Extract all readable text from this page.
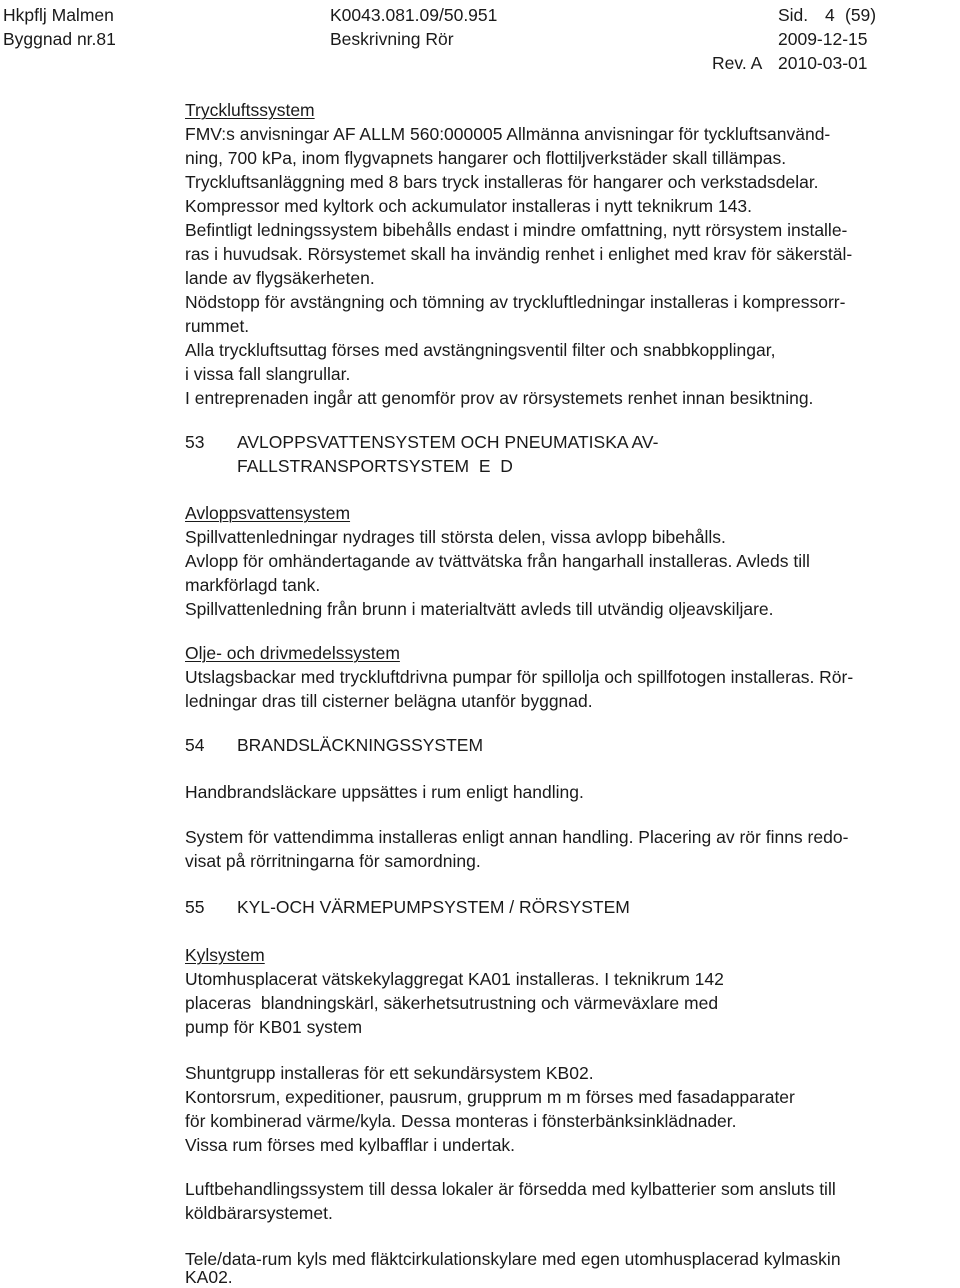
Hkpflj Malmen	K0043.081.09/50.951	Sid. 4 (59)
Byggnad nr.81	Beskrivning Rör	2009-12-15
Rev. A 2010-03-01
Tryckluftssystem
FMV:s anvisningar AF ALLM 560:000005 Allmänna anvisningar för tyckluftsanvänd-
ning, 700 kPa, inom flygvapnets hangarer och flottiljverkstäder skall tillämpas.
Tryckluftsanläggning med 8 bars tryck installeras för hangarer och verkstadsdelar.
Kompressor med kyltork och ackumulator installeras i nytt teknikrum 143.
Befintligt ledningssystem bibehålls endast i mindre omfattning, nytt rörsystem installe-
ras i huvudsak. Rörsystemet skall ha invändig renhet i enlighet med krav för säkerstäl-
lande av flygsäkerheten.
Nödstopp för avstängning och tömning av tryckluftledningar installeras i kompressorr-
rummet.
Alla tryckluftsuttag förses med avstängningsventil filter och snabbkopplingar,
i vissa fall slangrullar.
I entreprenaden ingår att genomför prov av rörsystemets renhet innan besiktning.
53 AVLOPPSVATTENSYSTEM OCH PNEUMATISKA AV-
FALLSTRANSPORTSYSTEM  E  D
Avloppsvattensystem
Spillvattenledningar nydrages till största delen, vissa avlopp bibehålls.
Avlopp för omhändertagande av tvättvätska från hangarhall installeras. Avleds till
markförlagd tank.
Spillvattenledning från brunn i materialtvätt avleds till utvändig oljeavskiljare.
Olje- och drivmedelssystem
Utslagsbackar med tryckluftdrivna pumpar för spillolja och spillfotogen installeras. Rör-
ledningar dras till cisterner belägna utanför byggnad.
54 BRANDSLÄCKNINGSSYSTEM
Handbrandsläckare uppsättes i rum enligt handling.
System för vattendimma installeras enligt annan handling. Placering av rör finns redo-
visat på rörritningarna för samordning.
55 KYL-OCH VÄRMEPUMPSYSTEM / RÖRSYSTEM
Kylsystem
Utomhusplacerat vätskekylaggregat KA01 installeras. I teknikrum 142
placeras  blandningskärl, säkerhetsutrustning och värmeväxlare med
pump för KB01 system
Shuntgrupp installeras för ett sekundärsystem KB02.
Kontorsrum, expeditioner, pausrum, grupprum m m förses med fasadapparater
för kombinerad värme/kyla. Dessa monteras i fönsterbänksinklädnader.
Vissa rum förses med kylbafflar i undertak.
Luftbehandlingssystem till dessa lokaler är försedda med kylbatterier som ansluts till
köldbärarsystemet.
Tele/data-rum kyls med fläktcirkulationskylare med egen utomhusplacerad kylmaskin
KA02.
